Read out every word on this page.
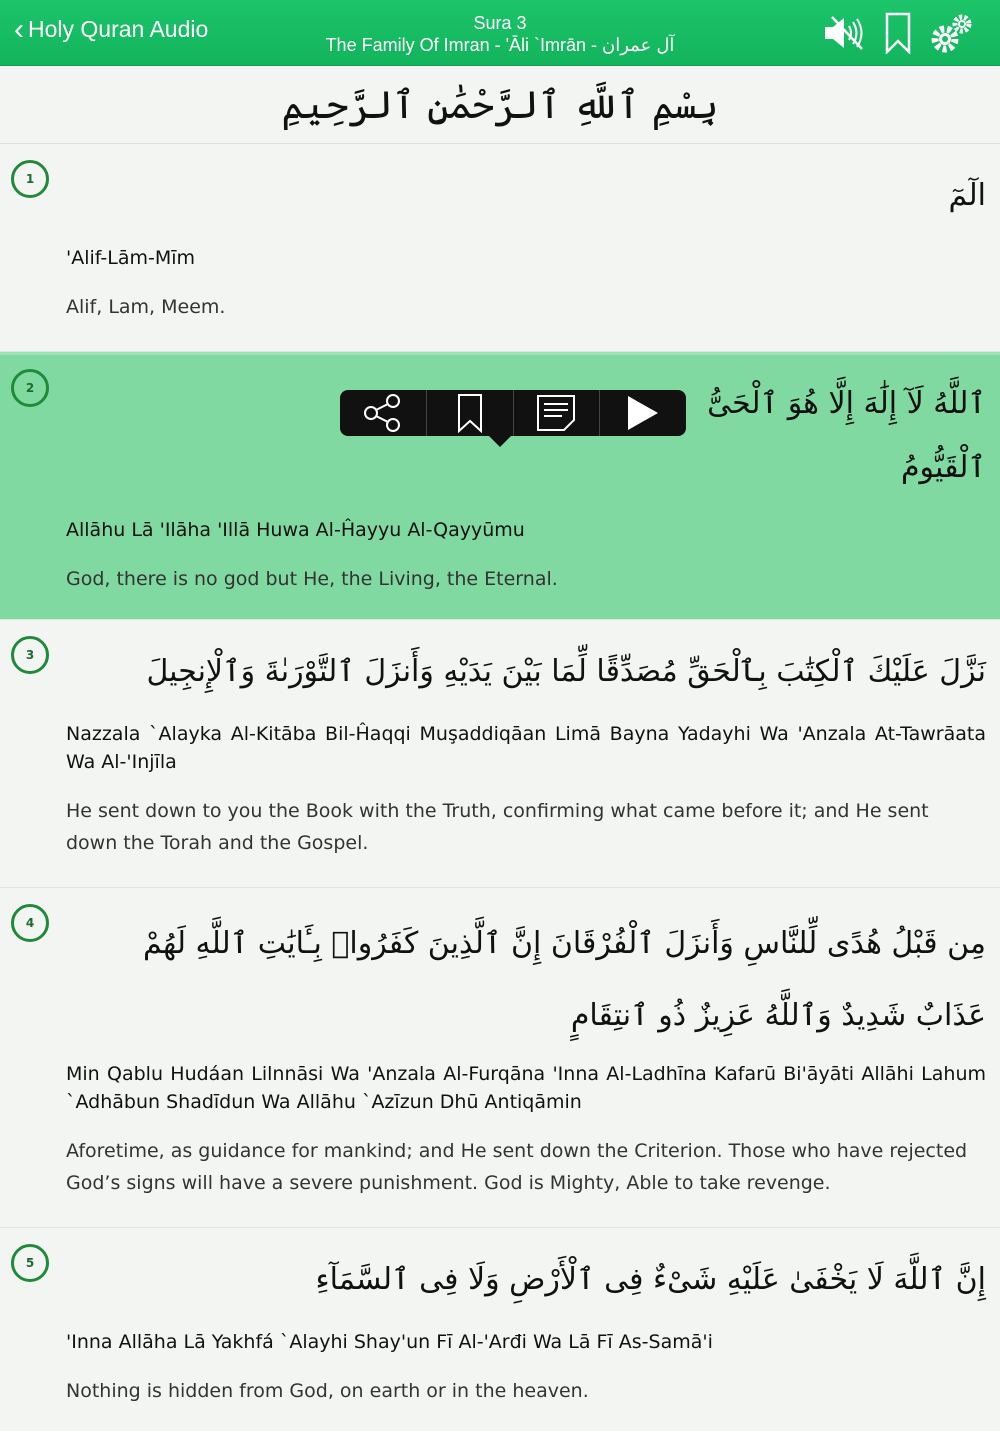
‹ Holy Quran Audio	Sura 3
The Family Of Imran - 'Āli `Imrān - آل عمران
بِسْمِ ٱللَّهِ ٱلرَّحْمَٰنِ ٱلرَّحِيمِ
1	الٓمٓ
'Alif-Lām-Mīm
Alif, Lam, Meem.
2	ٱللَّهُ لَآ إِلَٰهَ إِلَّا هُوَ ٱلْحَىُّ ٱلْقَيُّومُ
Allāhu Lā 'Ilāha 'Illā Huwa Al-Ĥayyu Al-Qayyūmu
God, there is no god but He, the Living, the Eternal.
3	نَزَّلَ عَلَيْكَ ٱلْكِتَٰبَ بِٱلْحَقِّ مُصَدِّقًا لِّمَا بَيْنَ يَدَيْهِ وَأَنزَلَ ٱلتَّوْرَىٰةَ وَٱلْإِنجِيلَ
Nazzala `Alayka Al-Kitāba Bil-Ĥaqqi Muşaddiqāan Limā Bayna Yadayhi Wa 'Anzala At-Tawrāata Wa Al-'Injīla
He sent down to you the Book with the Truth, confirming what came before it; and He sent down the Torah and the Gospel.
4
مِن قَبْلُ هُدًى لِّلنَّاسِ وَأَنزَلَ ٱلْفُرْقَانَ إِنَّ ٱلَّذِينَ كَفَرُوا۟ بِـَٔايَٰتِ ٱللَّهِ لَهُمْ عَذَابٌ شَدِيدٌ وَٱللَّهُ عَزِيزٌ ذُو ٱنتِقَامٍ
Min Qablu Hudáan Lilnnāsi Wa 'Anzala Al-Furqāna 'Inna Al-Ladhīna Kafarū Bi'āyāti Allāhi Lahum `Adhābun Shadīdun Wa Allāhu `Azīzun Dhū Antiqāmin
Aforetime, as guidance for mankind; and He sent down the Criterion. Those who have rejected God’s signs will have a severe punishment. God is Mighty, Able to take revenge.
5	إِنَّ ٱللَّهَ لَا يَخْفَىٰ عَلَيْهِ شَىْءٌ فِى ٱلْأَرْضِ وَلَا فِى ٱلسَّمَآءِ
'Inna Allāha Lā Yakhfá `Alayhi Shay'un Fī Al-'Arđi Wa Lā Fī As-Samā'i
Nothing is hidden from God, on earth or in the heaven.
